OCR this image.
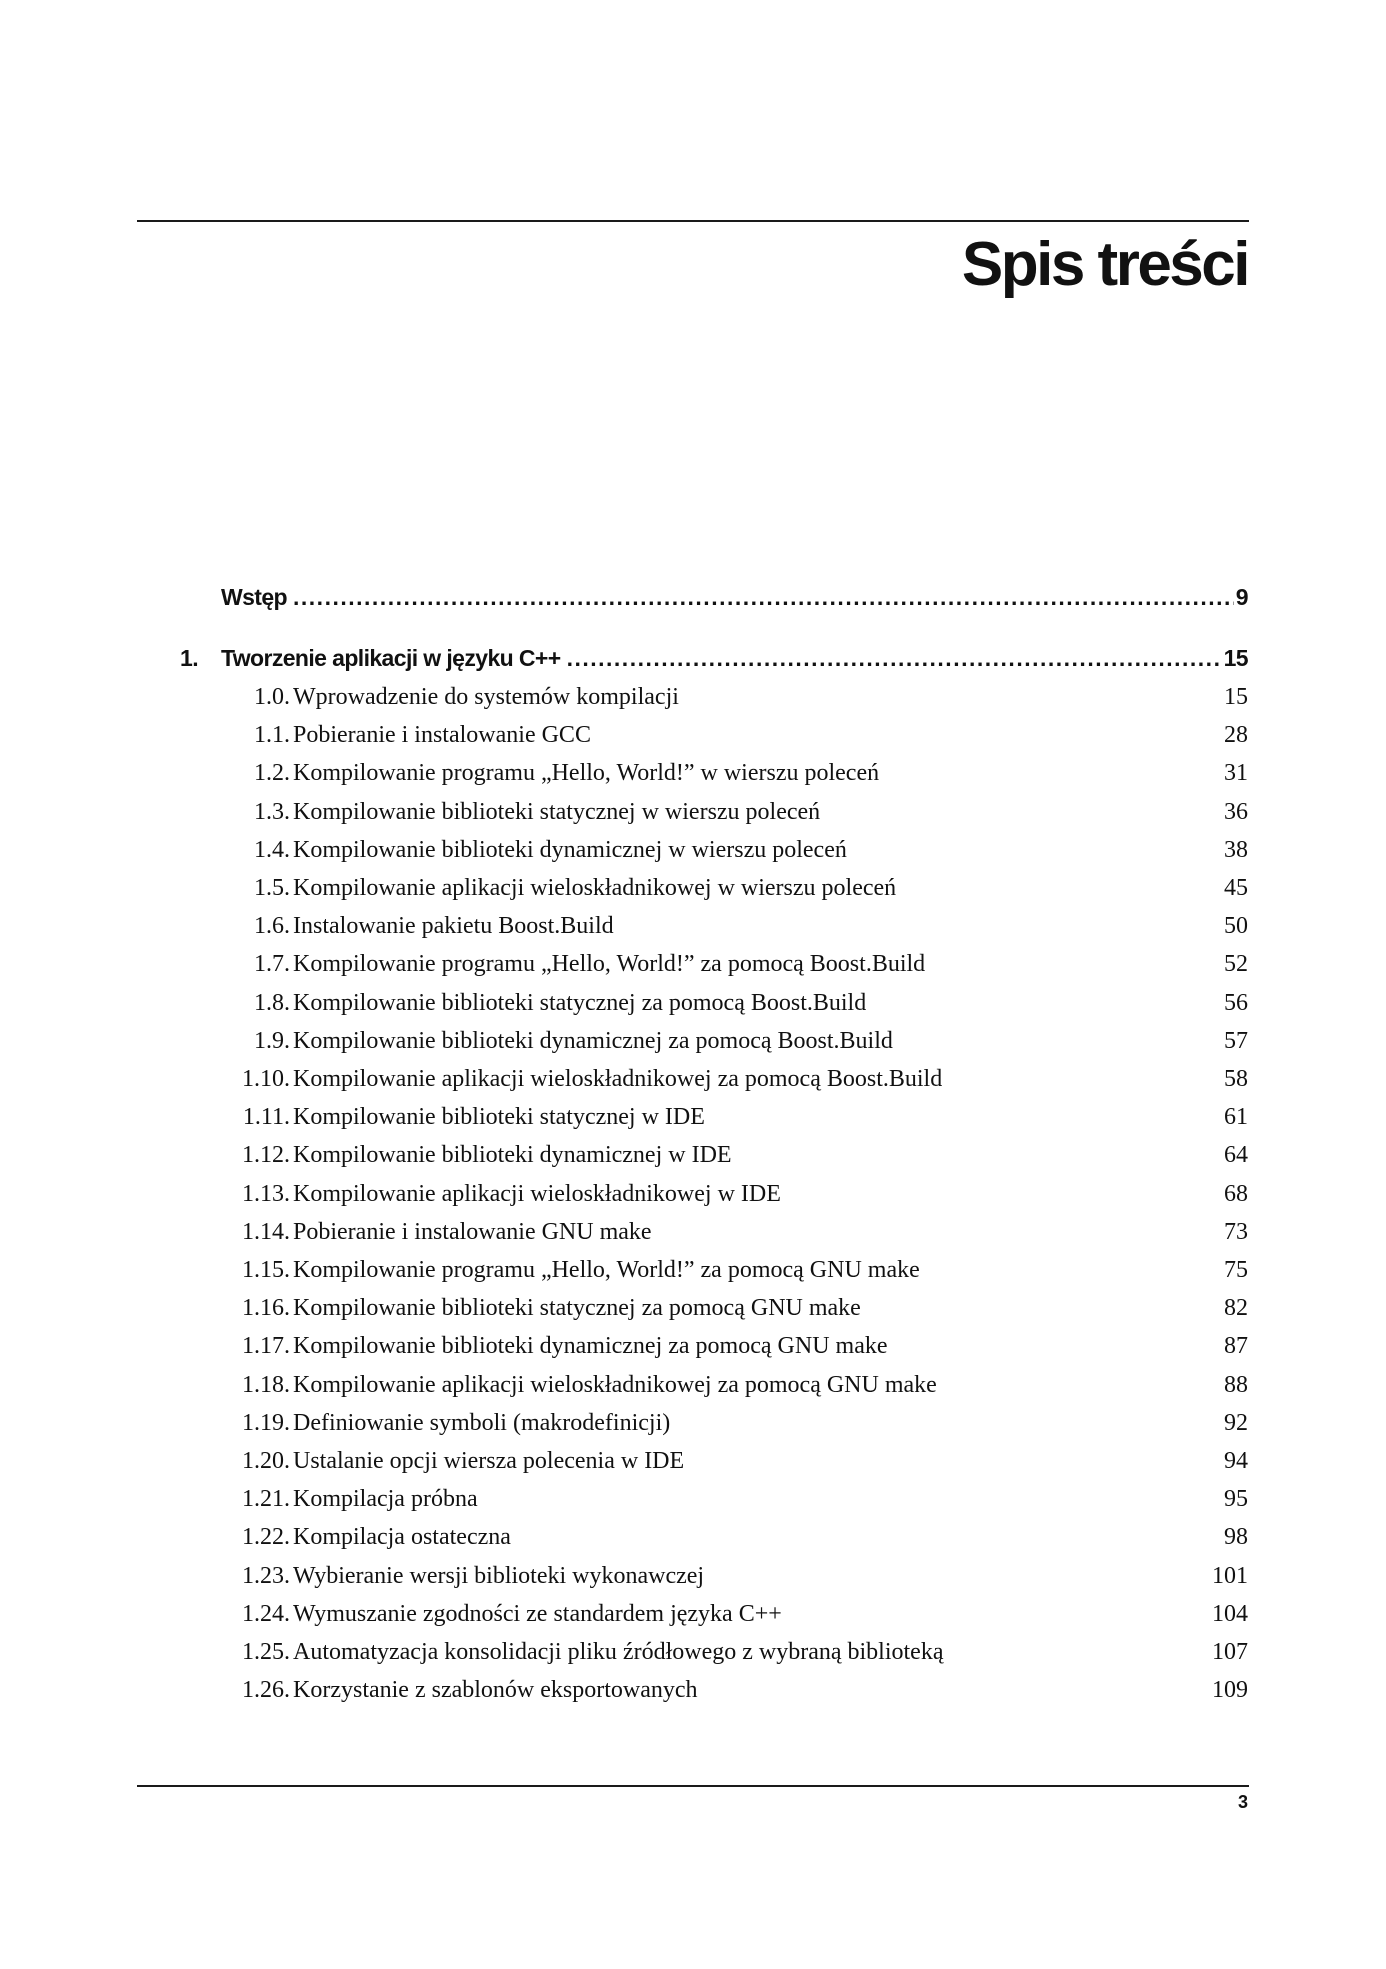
Spis treści
Wstęp .....	9
1. Tworzenie aplikacji w języku C++ .....	15
1.0. Wprowadzenie do systemów kompilacji	15
1.1. Pobieranie i instalowanie GCC	28
1.2. Kompilowanie programu „Hello, World!” w wierszu poleceń	31
1.3. Kompilowanie biblioteki statycznej w wierszu poleceń	36
1.4. Kompilowanie biblioteki dynamicznej w wierszu poleceń	38
1.5. Kompilowanie aplikacji wieloskładnikowej w wierszu poleceń	45
1.6. Instalowanie pakietu Boost.Build	50
1.7. Kompilowanie programu „Hello, World!” za pomocą Boost.Build	52
1.8. Kompilowanie biblioteki statycznej za pomocą Boost.Build	56
1.9. Kompilowanie biblioteki dynamicznej za pomocą Boost.Build	57
1.10. Kompilowanie aplikacji wieloskładnikowej za pomocą Boost.Build	58
1.11. Kompilowanie biblioteki statycznej w IDE	61
1.12. Kompilowanie biblioteki dynamicznej w IDE	64
1.13. Kompilowanie aplikacji wieloskładnikowej w IDE	68
1.14. Pobieranie i instalowanie GNU make	73
1.15. Kompilowanie programu „Hello, World!” za pomocą GNU make	75
1.16. Kompilowanie biblioteki statycznej za pomocą GNU make	82
1.17. Kompilowanie biblioteki dynamicznej za pomocą GNU make	87
1.18. Kompilowanie aplikacji wieloskładnikowej za pomocą GNU make	88
1.19. Definiowanie symboli (makrodefinicji)	92
1.20. Ustalanie opcji wiersza polecenia w IDE	94
1.21. Kompilacja próbna	95
1.22. Kompilacja ostateczna	98
1.23. Wybieranie wersji biblioteki wykonawczej	101
1.24. Wymuszanie zgodności ze standardem języka C++	104
1.25. Automatyzacja konsolidacji pliku źródłowego z wybraną biblioteką	107
1.26. Korzystanie z szablonów eksportowanych	109
3
